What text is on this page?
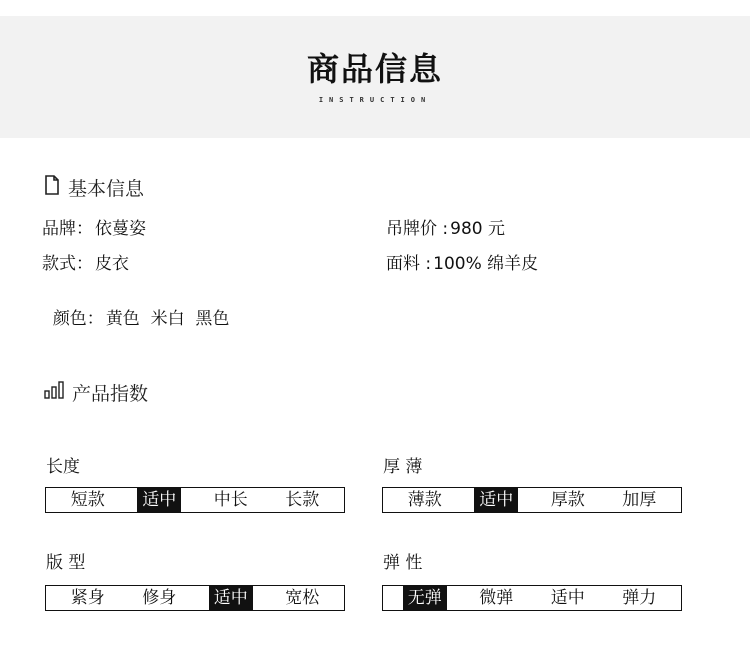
商品信息
INSTRUCTION
基本信息
品牌： 依蔓姿	吊牌价 : 980 元
款式： 皮衣	面料 : 100% 绵羊皮

颜色： 黄色  米白  黑色

产品指数
长度
短款 适中 中长 长款
厚 薄
薄款 适中 厚款 加厚
版 型
紧身 修身 适中 宽松
弹 性
无弹 微弹 适中 弹力
